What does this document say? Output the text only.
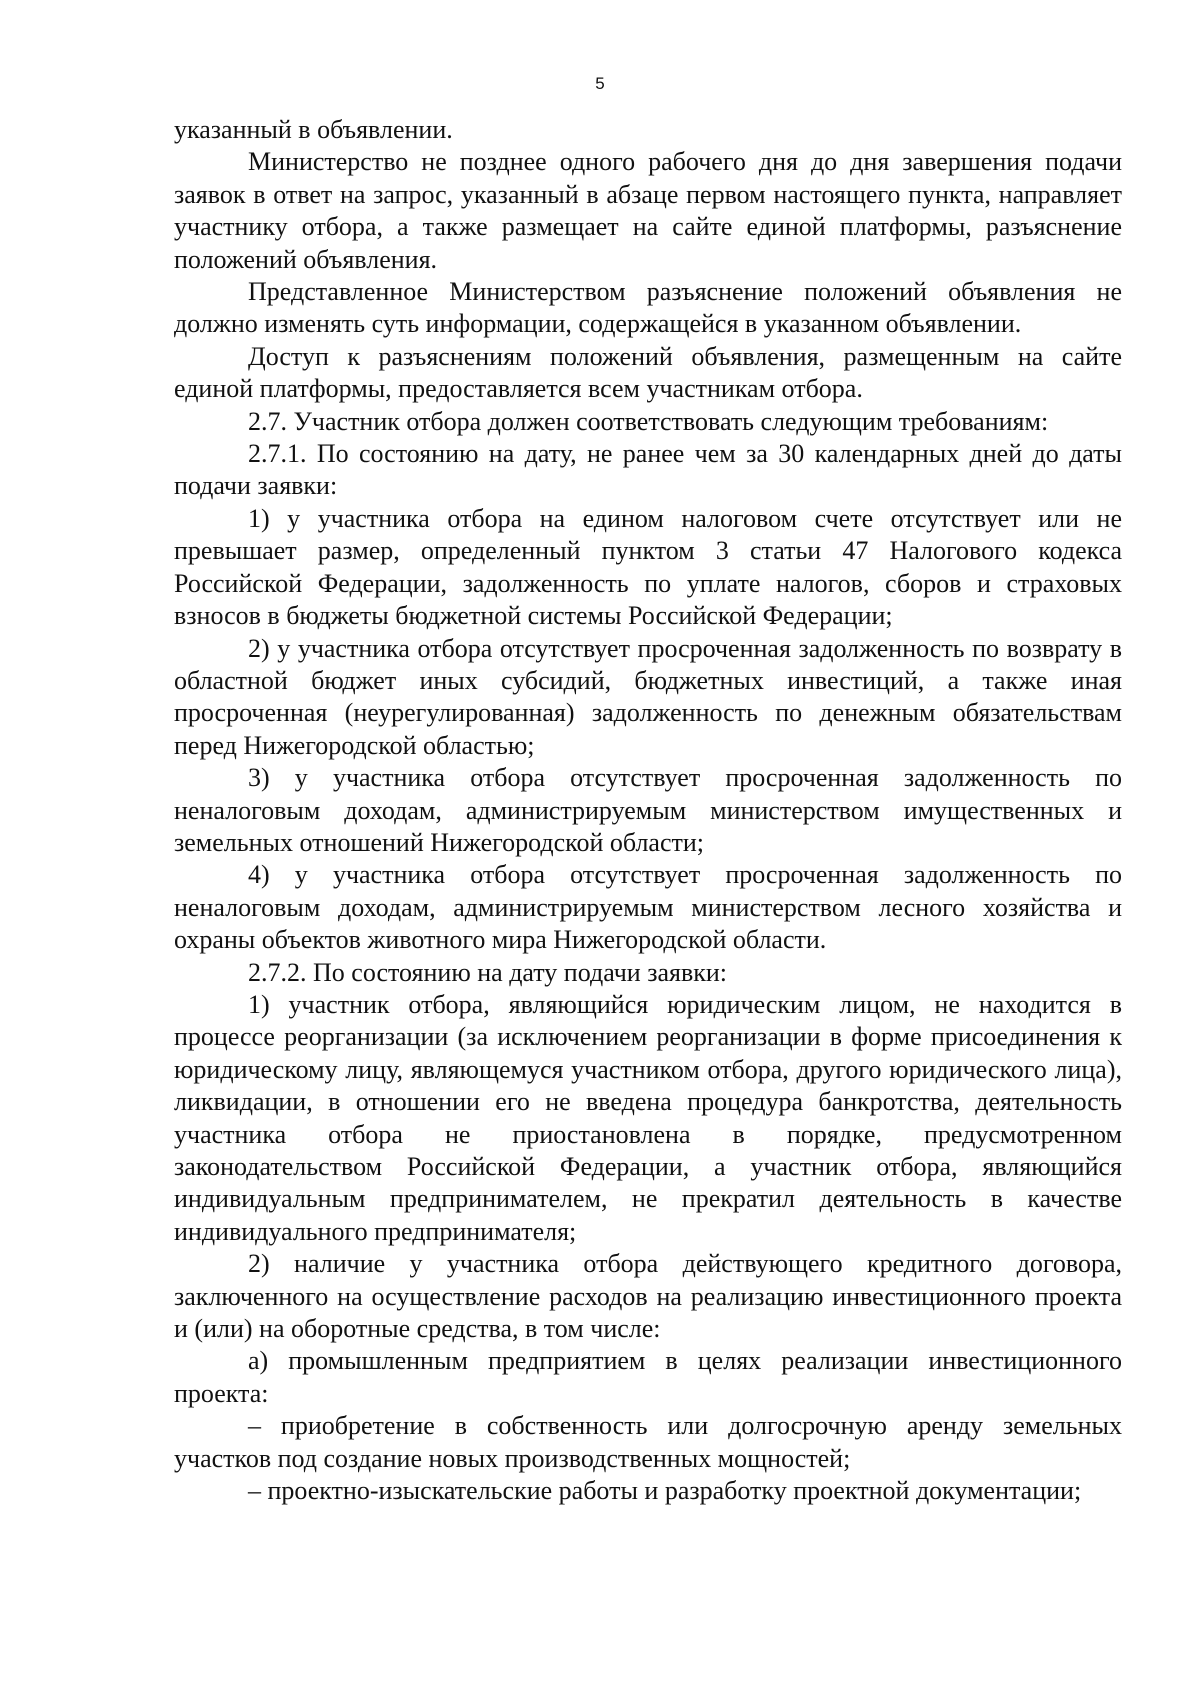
5

указанный в объявлении.

Министерство не позднее одного рабочего дня до дня завершения подачи заявок в ответ на запрос, указанный в абзаце первом настоящего пункта, направляет участнику отбора, а также размещает на сайте единой платформы, разъяснение положений объявления.

Представленное Министерством разъяснение положений объявления не должно изменять суть информации, содержащейся в указанном объявлении.

Доступ к разъяснениям положений объявления, размещенным на сайте единой платформы, предоставляется всем участникам отбора.

2.7. Участник отбора должен соответствовать следующим требованиям:

2.7.1. По состоянию на дату, не ранее чем за 30 календарных дней до даты подачи заявки:

1) у участника отбора на едином налоговом счете отсутствует или не превышает размер, определенный пунктом 3 статьи 47 Налогового кодекса Российской Федерации, задолженность по уплате налогов, сборов и страховых взносов в бюджеты бюджетной системы Российской Федерации;

2) у участника отбора отсутствует просроченная задолженность по возврату в областной бюджет иных субсидий, бюджетных инвестиций, а также иная просроченная (неурегулированная) задолженность по денежным обязательствам перед Нижегородской областью;

3) у участника отбора отсутствует просроченная задолженность по неналоговым доходам, администрируемым министерством имущественных и земельных отношений Нижегородской области;

4) у участника отбора отсутствует просроченная задолженность по неналоговым доходам, администрируемым министерством лесного хозяйства и охраны объектов животного мира Нижегородской области.

2.7.2. По состоянию на дату подачи заявки:

1) участник отбора, являющийся юридическим лицом, не находится в процессе реорганизации (за исключением реорганизации в форме присоединения к юридическому лицу, являющемуся участником отбора, другого юридического лица), ликвидации, в отношении его не введена процедура банкротства, деятельность участника отбора не приостановлена в порядке, предусмотренном законодательством Российской Федерации, а участник отбора, являющийся индивидуальным предпринимателем, не прекратил деятельность в качестве индивидуального предпринимателя;

2) наличие у участника отбора действующего кредитного договора, заключенного на осуществление расходов на реализацию инвестиционного проекта и (или) на оборотные средства, в том числе:

а) промышленным предприятием в целях реализации инвестиционного проекта:

– приобретение в собственность или долгосрочную аренду земельных участков под создание новых производственных мощностей;

– проектно-изыскательские работы и разработку проектной документации;
